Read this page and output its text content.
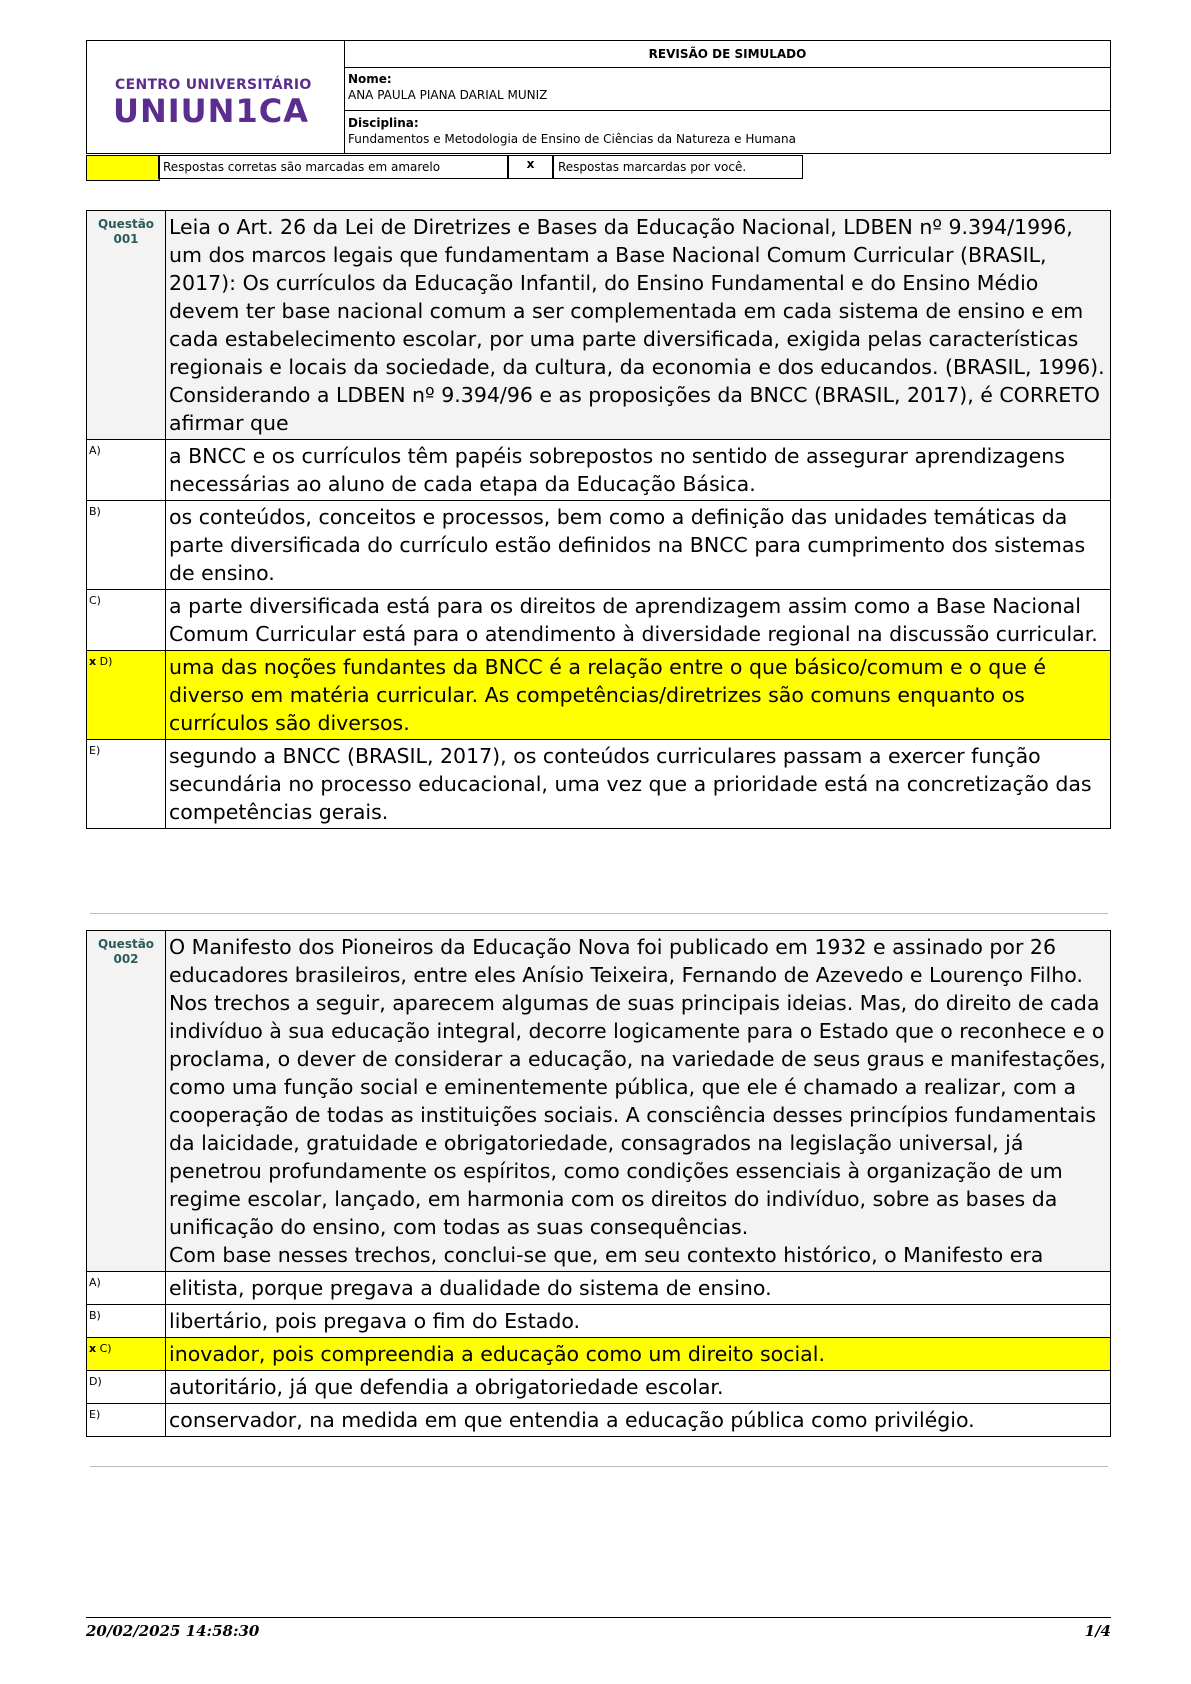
CENTRO UNIVERSITÁRIO
UNIUN1CA
REVISÃO DE SIMULADO
Nome:
ANA PAULA PIANA DARIAL MUNIZ
Disciplina:
Fundamentos e Metodologia de Ensino de Ciências da Natureza e Humana
Respostas corretas são marcadas em amarelo	x	Respostas marcardas por você.
Questão
001	Leia o Art. 26 da Lei de Diretrizes e Bases da Educação Nacional, LDBEN nº 9.394/1996, um dos marcos legais que fundamentam a Base Nacional Comum Curricular (BRASIL, 2017): Os currículos da Educação Infantil, do Ensino Fundamental e do Ensino Médio devem ter base nacional comum a ser complementada em cada sistema de ensino e em cada estabelecimento escolar, por uma parte diversificada, exigida pelas características regionais e locais da sociedade, da cultura, da economia e dos educandos. (BRASIL, 1996).
Considerando a LDBEN nº 9.394/96 e as proposições da BNCC (BRASIL, 2017), é CORRETO afirmar que

A)	a BNCC e os currículos têm papéis sobrepostos no sentido de assegurar aprendizagens necessárias ao aluno de cada etapa da Educação Básica.

B)	os conteúdos, conceitos e processos, bem como a definição das unidades temáticas da parte diversificada do currículo estão definidos na BNCC para cumprimento dos sistemas de ensino.

C)	a parte diversificada está para os direitos de aprendizagem assim como a Base Nacional Comum Curricular está para o atendimento à diversidade regional na discussão curricular.

x D)	uma das noções fundantes da BNCC é a relação entre o que básico/comum e o que é diverso em matéria curricular. As competências/diretrizes são comuns enquanto os currículos são diversos.

E)	segundo a BNCC (BRASIL, 2017), os conteúdos curriculares passam a exercer função secundária no processo educacional, uma vez que a prioridade está na concretização das competências gerais.
Questão
002	O Manifesto dos Pioneiros da Educação Nova foi publicado em 1932 e assinado por 26 educadores brasileiros, entre eles Anísio Teixeira, Fernando de Azevedo e Lourenço Filho. Nos trechos a seguir, aparecem algumas de suas principais ideias. Mas, do direito de cada indivíduo à sua educação integral, decorre logicamente para o Estado que o reconhece e o proclama, o dever de considerar a educação, na variedade de seus graus e manifestações, como uma função social e eminentemente pública, que ele é chamado a realizar, com a cooperação de todas as instituições sociais. A consciência desses princípios fundamentais da laicidade, gratuidade e obrigatoriedade, consagrados na legislação universal, já penetrou profundamente os espíritos, como condições essenciais à organização de um regime escolar, lançado, em harmonia com os direitos do indivíduo, sobre as bases da unificação do ensino, com todas as suas consequências.
Com base nesses trechos, conclui-se que, em seu contexto histórico, o Manifesto era

A)	elitista, porque pregava a dualidade do sistema de ensino.

B)	libertário, pois pregava o fim do Estado.

x C)	inovador, pois compreendia a educação como um direito social.

D)	autoritário, já que defendia a obrigatoriedade escolar.

E)	conservador, na medida em que entendia a educação pública como privilégio.
20/02/2025 14:58:30	1/4
